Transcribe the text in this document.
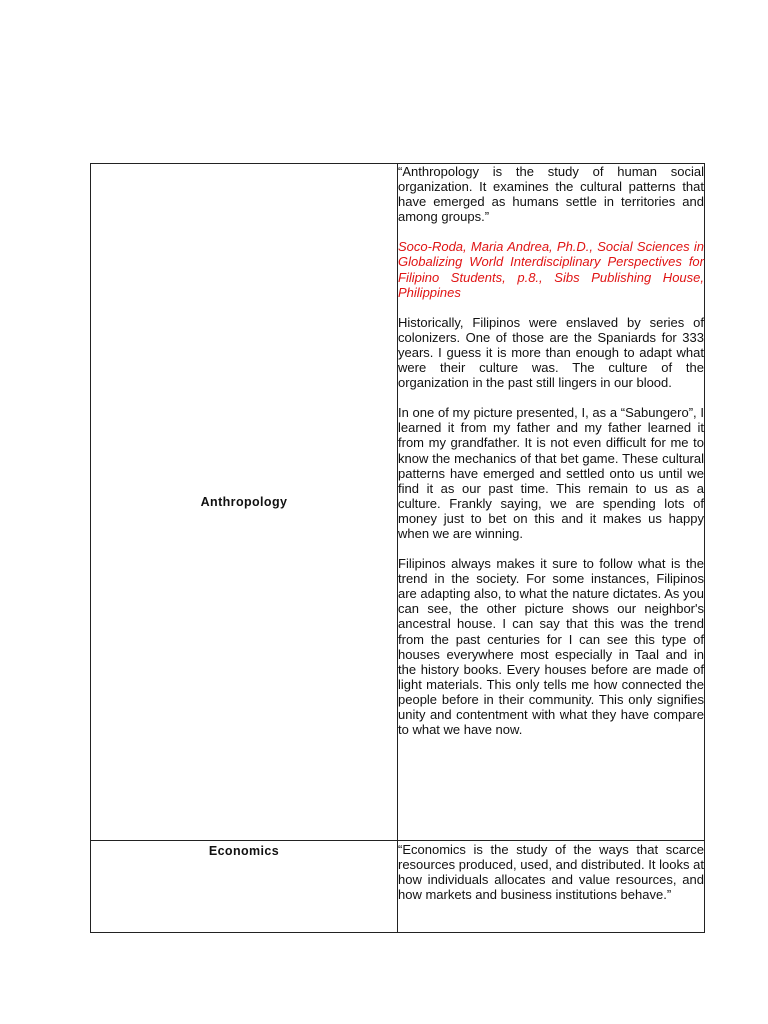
Anthropology	“Anthropology is the study of human social organization. It examines the cultural patterns that have emerged as humans settle in territories and among groups.”

Soco-Roda, Maria Andrea, Ph.D., Social Sciences in Globalizing World Interdisciplinary Perspectives for Filipino Students, p.8., Sibs Publishing House, Philippines

Historically, Filipinos were enslaved by series of colonizers. One of those are the Spaniards for 333 years. I guess it is more than enough to adapt what were their culture was. The culture of the organization in the past still lingers in our blood.

In one of my picture presented, I, as a “Sabungero”, I learned it from my father and my father learned it from my grandfather. It is not even difficult for me to know the mechanics of that bet game. These cultural patterns have emerged and settled onto us until we find it as our past time. This remain to us as a culture. Frankly saying, we are spending lots of money just to bet on this and it makes us happy when we are winning.

Filipinos always makes it sure to follow what is the trend in the society. For some instances, Filipinos are adapting also, to what the nature dictates. As you can see, the other picture shows our neighbor's ancestral house. I can say that this was the trend from the past centuries for I can see this type of houses everywhere most especially in Taal and in the history books. Every houses before are made of light materials. This only tells me how connected the people before in their community. This only signifies unity and contentment with what they have compare to what we have now.

Economics	“Economics is the study of the ways that scarce resources produced, used, and distributed. It looks at how individuals allocates and value resources, and how markets and business institutions behave.”
